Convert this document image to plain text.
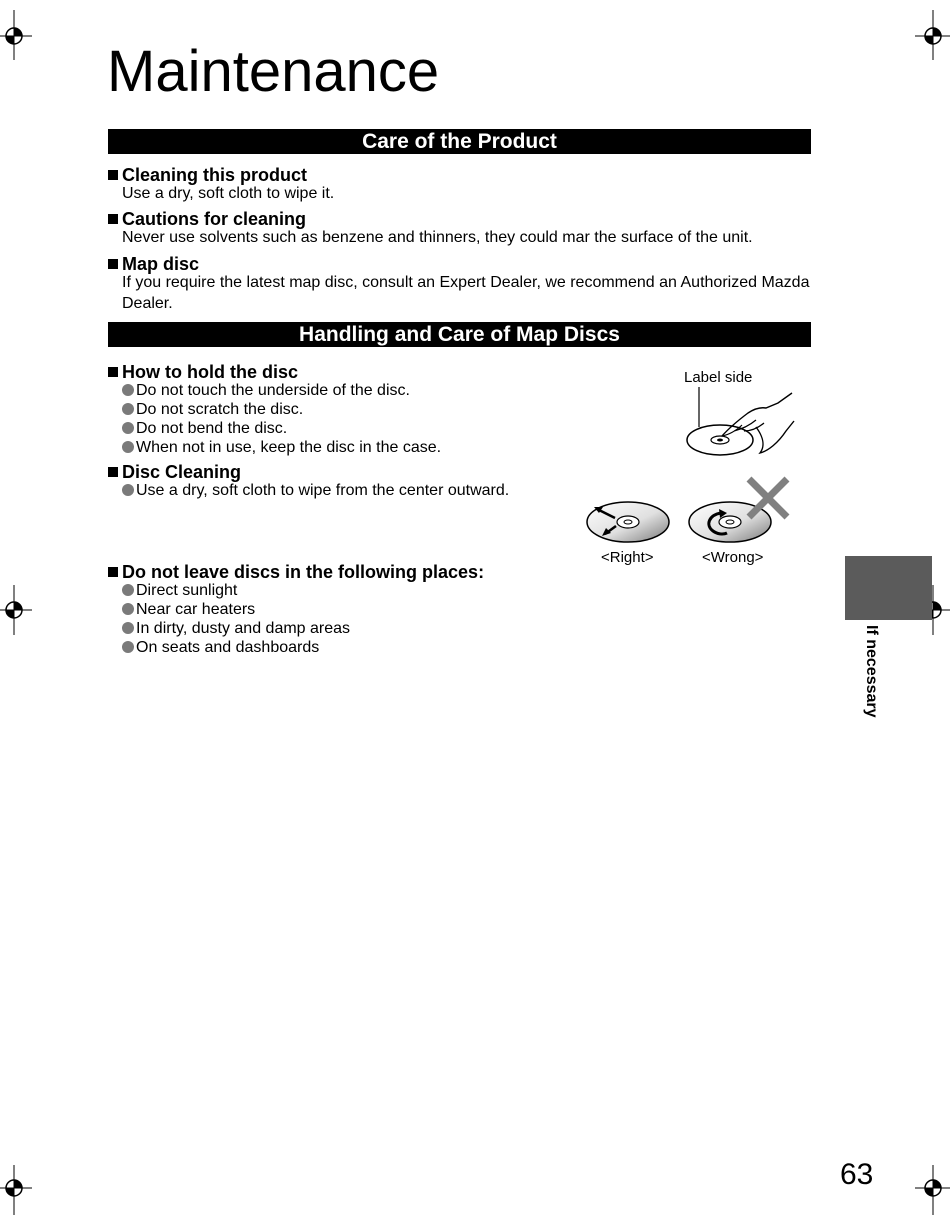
Maintenance
Care of the Product
Cleaning this product
Use a dry, soft cloth to wipe it.
Cautions for cleaning
Never use solvents such as benzene and thinners, they could mar the surface of the unit.
Map disc
If you require the latest map disc, consult an Expert Dealer, we recommend an Authorized Mazda Dealer.
Handling and Care of Map Discs
How to hold the disc
Do not touch the underside of the disc.
Do not scratch the disc.
Do not bend the disc.
When not in use, keep the disc in the case.
Disc Cleaning
Use a dry, soft cloth to wipe from the center outward.
Do not leave discs in the following places:
Direct sunlight
Near car heaters
In dirty, dusty and damp areas
On seats and dashboards
Label side
<Right>	<Wrong>
If necessary
63
